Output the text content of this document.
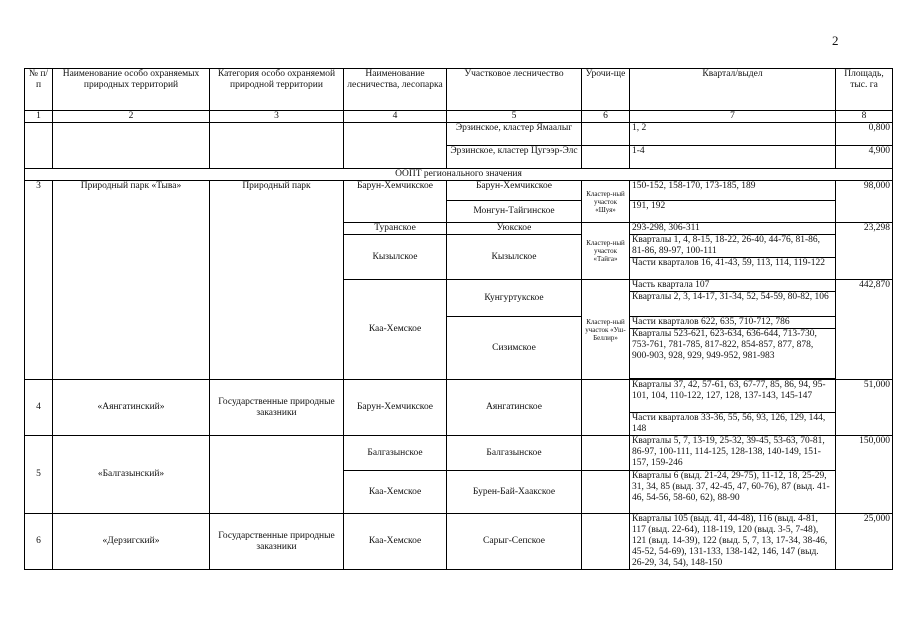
2
№ п/п	Наименование особо охраняемых природных территорий	Категория особо охраняемой природной территории	Наименование лесничества, лесопарка	Участковое лесничество	Урочи-ще	Квартал/выдел	Площадь, тыс. га
1	2	3	4	5	6	7	8
				Эрзинское, кластер Ямаалыг		1, 2	0,800
				Эрзинское, кластер Цугээр-Элс		1-4	4,900
ООПТ регионального значения							
3	Природный парк «Тыва»	Природный парк	Барун-Хемчикское	Барун-Хемчикское	Кластер-ный участок «Шуя»	150-152, 158-170, 173-185, 189	98,000
				Монгун-Тайгинское		191, 192	
			Туранское	Уюкское	Кластер-ный участок «Тайга»	293-298, 306-311	23,298
			Кызылское	Кызылское		Кварталы 1, 4, 8-15, 18-22, 26-40, 44-76, 81-86, 81-86, 89-97, 100-111	
						Части кварталов 16, 41-43, 59, 113, 114, 119-122	
			Каа-Хемское	Кунгуртукское	Кластер-ный участок «Уш-Беллир»	Часть квартала 107	442,870
						Кварталы 2, 3, 14-17, 31-34, 52, 54-59, 80-82, 106	
				Сизимское		Части кварталов 622, 635, 710-712, 786	
						Кварталы 523-621, 623-634, 636-644, 713-730, 753-761, 781-785, 817-822, 854-857, 877, 878, 900-903, 928, 929, 949-952, 981-983	

4	«Аянгатинский»	Государственные природные заказники	Барун-Хемчикское	Аянгатинское		Кварталы 37, 42, 57-61, 63, 67-77, 85, 86, 94, 95-101, 104, 110-122, 127, 128, 137-143, 145-147	51,000
						Части кварталов 33-36, 55, 56, 93, 126, 129, 144, 148	
5	«Балгазынский»		Балгазынское	Балгазынское		Кварталы 5, 7, 13-19, 25-32, 39-45, 53-63, 70-81, 86-97, 100-111, 114-125, 128-138, 140-149, 151-157, 159-246	150,000
			Каа-Хемское	Бурен-Бай-Хаакское		Кварталы 6 (выд. 21-24, 29-75), 11-12, 18, 25-29, 31, 34, 85 (выд. 37, 42-45, 47, 60-76), 87 (выд. 41-46, 54-56, 58-60, 62), 88-90	
6	«Дерзигский»	Государственные природные заказники	Каа-Хемское	Сарыг-Сепское		Кварталы 105 (выд. 41, 44-48), 116 (выд. 4-81, 117 (выд. 22-64), 118-119, 120 (выд. 3-5, 7-48), 121 (выд. 14-39), 122 (выд. 5, 7, 13, 17-34, 38-46, 45-52, 54-69), 131-133, 138-142, 146, 147 (выд. 26-29, 34, 54), 148-150	25,000
